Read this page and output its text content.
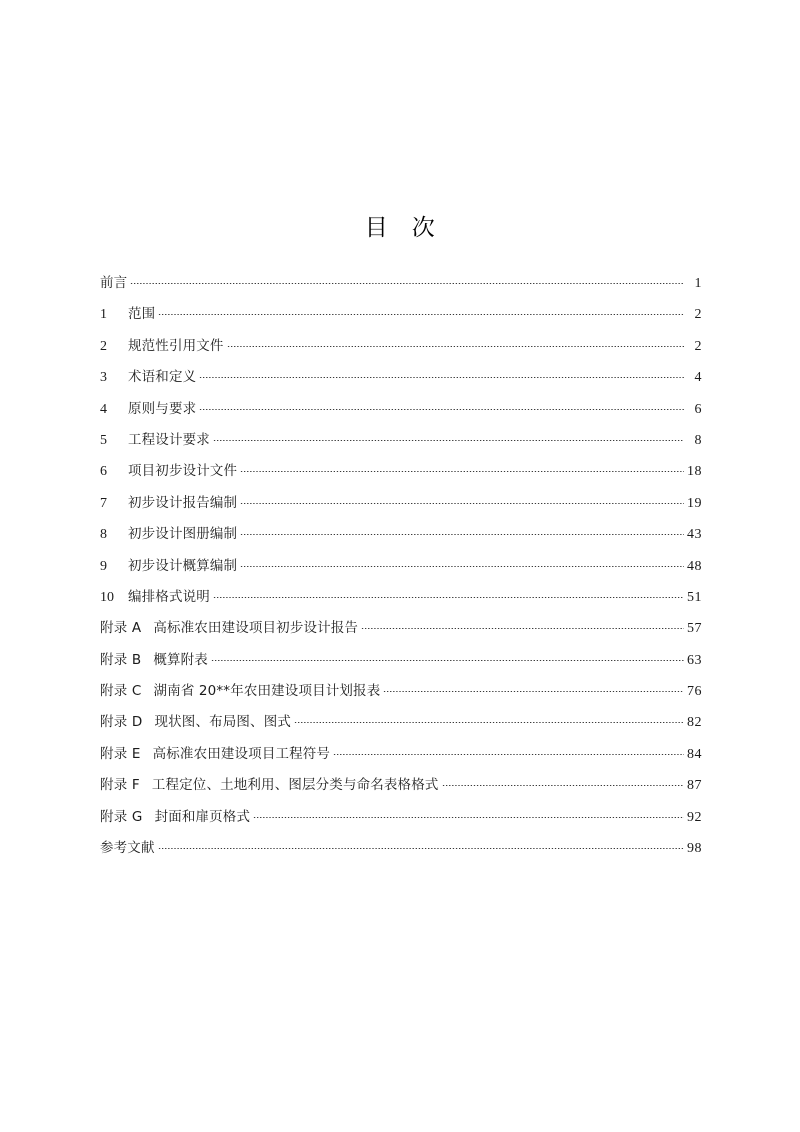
目　次
前言	1
1	范围	2
2	规范性引用文件	2
3	术语和定义	4
4	原则与要求	6
5	工程设计要求	8
6	项目初步设计文件	18
7	初步设计报告编制	19
8	初步设计图册编制	43
9	初步设计概算编制	48
10 编排格式说明	51
附录 A 高标准农田建设项目初步设计报告	57
附录 B 概算附表	63
附录 C 湖南省 20**年农田建设项目计划报表	76
附录 D 现状图、布局图、图式	82
附录 E 高标准农田建设项目工程符号	84
附录 F 工程定位、土地利用、图层分类与命名表格格式	87
附录 G 封面和扉页格式	92
参考文献	98
